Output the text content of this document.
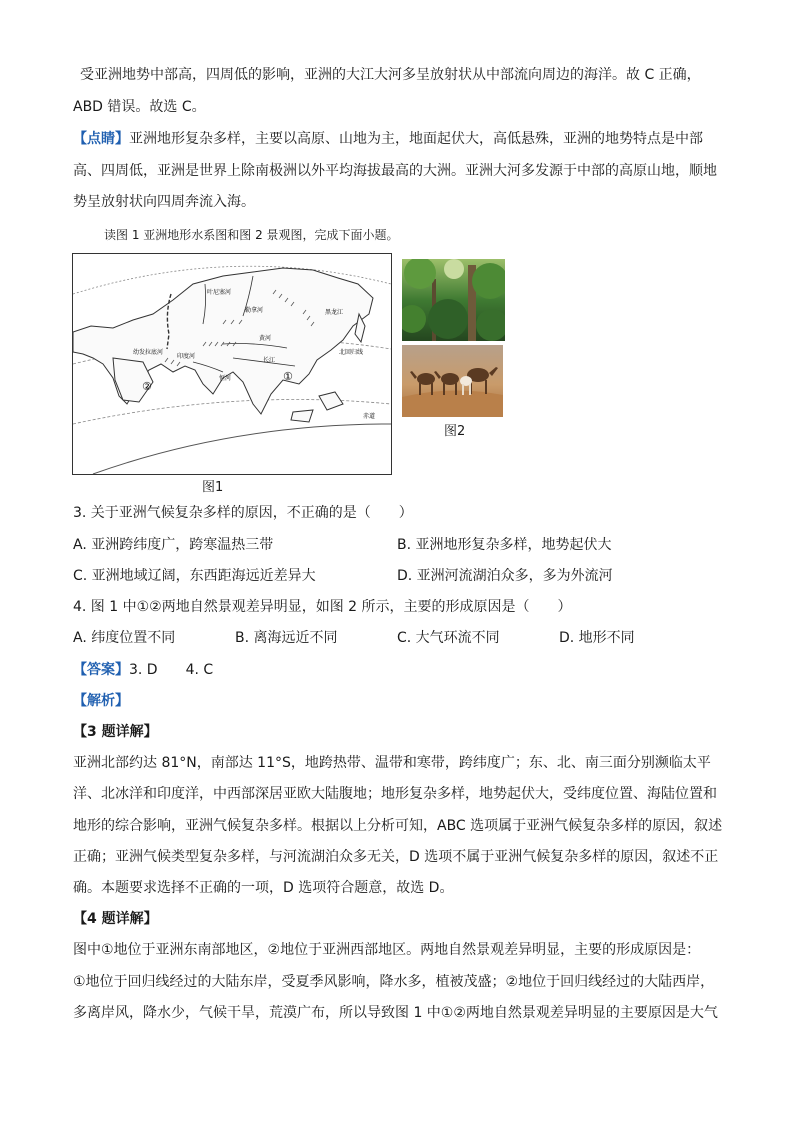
受亚洲地势中部高，四周低的影响，亚洲的大江大河多呈放射状从中部流向周边的海洋。故 C 正确，
ABD 错误。故选 C。
【点睛】亚洲地形复杂多样，主要以高原、山地为主，地面起伏大，高低悬殊，亚洲的地势特点是中部
高、四周低，亚洲是世界上除南极洲以外平均海拔最高的大洲。亚洲大河多发源于中部的高原山地，顺地
势呈放射状向四周奔流入海。
读图 1 亚洲地形水系图和图 2 景观图，完成下面小题。
②
①
叶尼塞河
勒拿河	黑龙江
黄河
长江
恒河
印度河
幼发拉底河	北回归线
赤道
图1
图2
3. 关于亚洲气候复杂多样的原因，不正确的是（　　）
A. 亚洲跨纬度广，跨寒温热三带	B. 亚洲地形复杂多样，地势起伏大
C. 亚洲地域辽阔，东西距海远近差异大	D. 亚洲河流湖泊众多，多为外流河
4. 图 1 中①②两地自然景观差异明显，如图 2 所示，主要的形成原因是（　　）
A. 纬度位置不同	B. 离海远近不同	C. 大气环流不同	D. 地形不同
【答案】3. D　　4. C
【解析】
【3 题详解】
亚洲北部约达 81°N，南部达 11°S，地跨热带、温带和寒带，跨纬度广；东、北、南三面分别濒临太平
洋、北冰洋和印度洋，中西部深居亚欧大陆腹地；地形复杂多样，地势起伏大，受纬度位置、海陆位置和
地形的综合影响，亚洲气候复杂多样。根据以上分析可知，ABC 选项属于亚洲气候复杂多样的原因，叙述
正确；亚洲气候类型复杂多样，与河流湖泊众多无关，D 选项不属于亚洲气候复杂多样的原因，叙述不正
确。本题要求选择不正确的一项，D 选项符合题意，故选 D。
【4 题详解】
图中①地位于亚洲东南部地区，②地位于亚洲西部地区。两地自然景观差异明显，主要的形成原因是：
①地位于回归线经过的大陆东岸，受夏季风影响，降水多，植被茂盛；②地位于回归线经过的大陆西岸，
多离岸风，降水少，气候干旱，荒漠广布，所以导致图 1 中①②两地自然景观差异明显的主要原因是大气
